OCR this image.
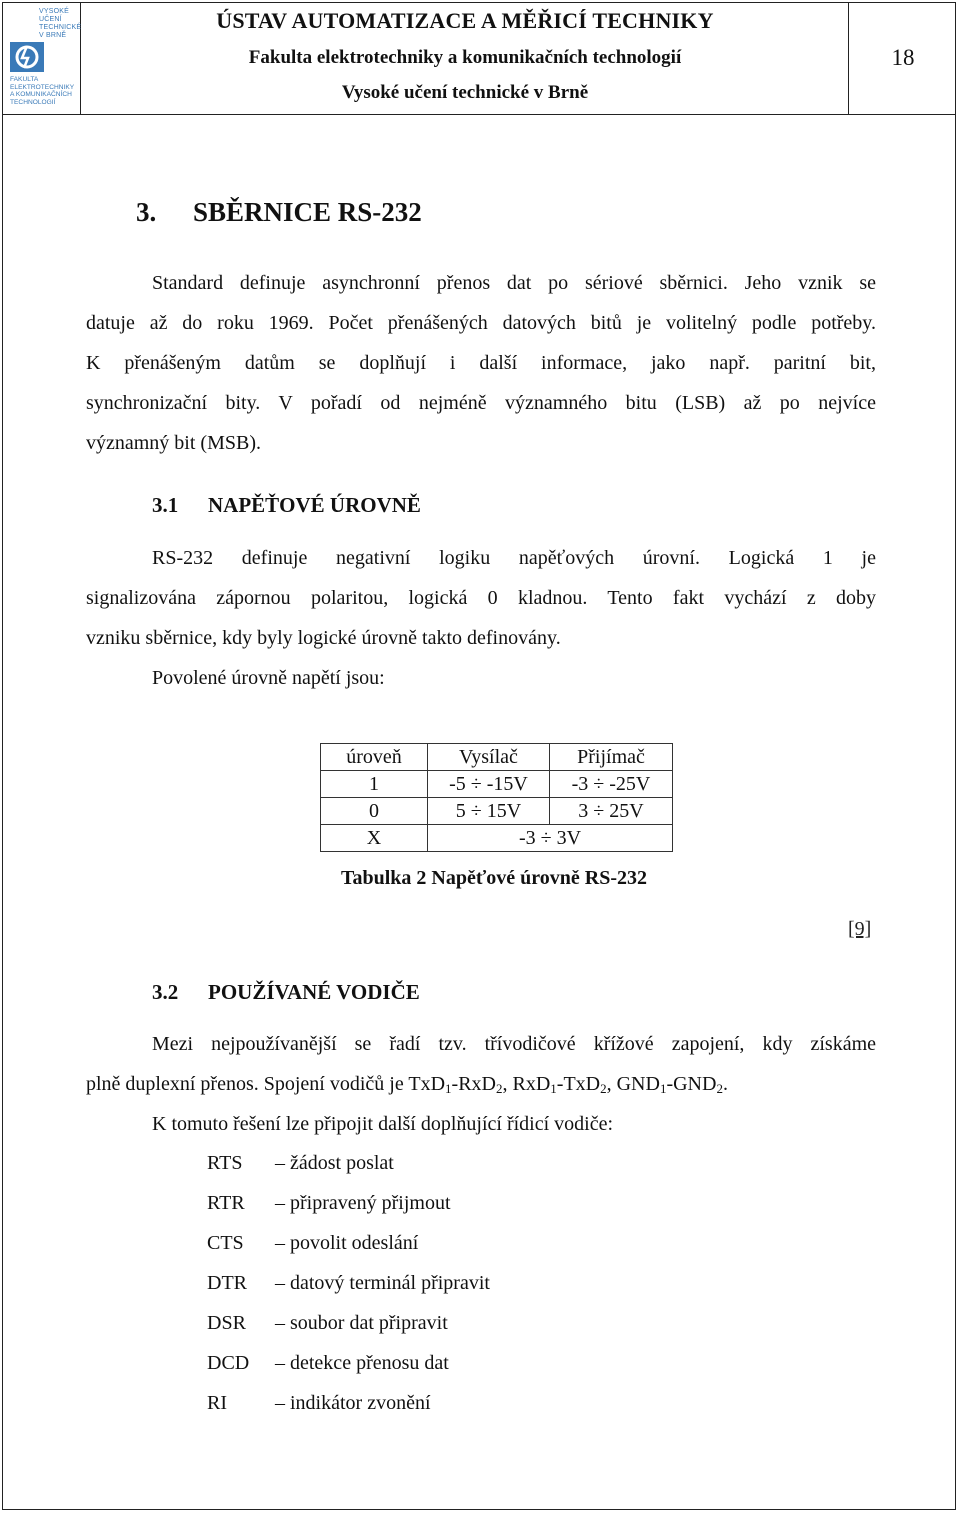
VYSOKÉ
UČENÍ
TECHNICKÉ
V BRNĚ
FAKULTA
ELEKTROTECHNIKY
A KOMUNIKAČNÍCH
TECHNOLOGIÍ
ÚSTAV AUTOMATIZACE A MĚŘICÍ TECHNIKY
Fakulta elektrotechniky a komunikačních technologií
Vysoké učení technické v Brně
18
3. SBĚRNICE RS-232
Standard definuje asynchronní přenos dat po sériové sběrnici. Jeho vznik se
datuje až do roku 1969. Počet přenášených datových bitů je volitelný podle potřeby.
K přenášeným datům se doplňují i další informace, jako např. paritní bit,
synchronizační bity. V pořadí od nejméně významného bitu (LSB) až po nejvíce
významný bit (MSB).
3.1 NAPĚŤOVÉ ÚROVNĚ
RS-232 definuje negativní logiku napěťových úrovní. Logická 1 je
signalizována zápornou polaritou, logická 0 kladnou. Tento fakt vychází z doby
vzniku sběrnice, kdy byly logické úrovně takto definovány.
Povolené úrovně napětí jsou:
úroveň	Vysílač	Přijímač
1	-5 ÷ -15V	-3 ÷ -25V
0	5 ÷ 15V	3 ÷ 25V
X	-3 ÷ 3V	
Tabulka 2 Napěťové úrovně RS-232
[9]
3.2 POUŽÍVANÉ VODIČE
Mezi nejpoužívanější se řadí tzv. třívodičové křížové zapojení, kdy získáme
plně duplexní přenos. Spojení vodičů je TxD$_1$-RxD$_2$, RxD$_1$-TxD$_2$, $GND_1-GND_2$.
K tomuto řešení lze připojit další doplňující řídicí vodiče:
RTS – žádost poslat
RTR – připravený přijmout
CTS – povolit odeslání
DTR – datový terminál připravit
DSR – soubor dat připravit
DCD – detekce přenosu dat
RI – indikátor zvonění
